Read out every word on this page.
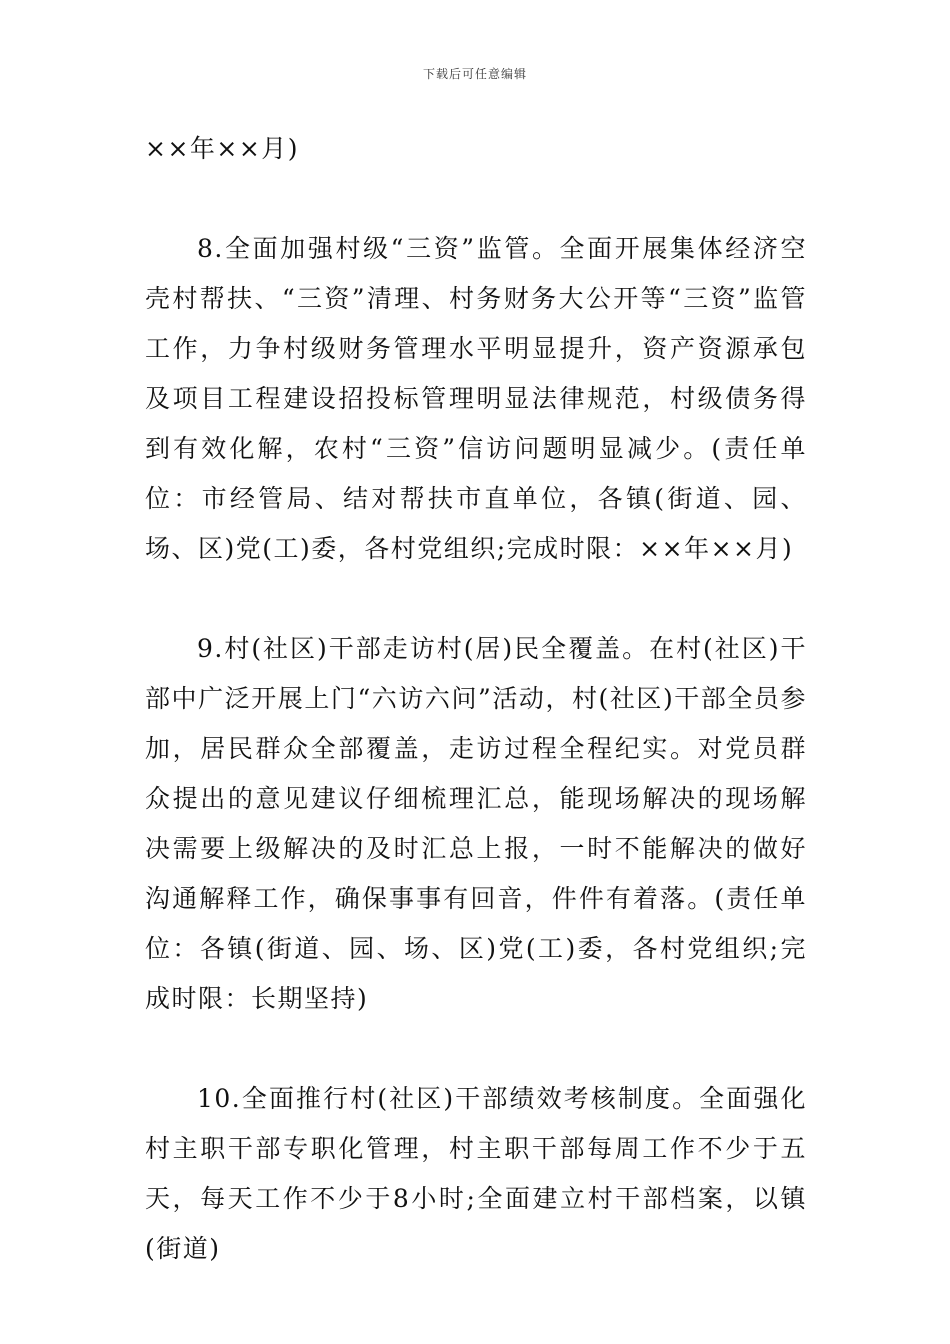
下载后可任意编辑

××年××月)

8.全面加强村级“三资”监管。全面开展集体经济空壳村帮扶、“三资”清理、村务财务大公开等“三资”监管工作，力争村级财务管理水平明显提升，资产资源承包及项目工程建设招投标管理明显法律规范，村级债务得到有效化解，农村“三资”信访问题明显减少。(责任单位：市经管局、结对帮扶市直单位，各镇(街道、园、场、区)党(工)委，各村党组织;完成时限：××年××月)

9.村(社区)干部走访村(居)民全覆盖。在村(社区)干部中广泛开展上门“六访六问”活动，村(社区)干部全员参加，居民群众全部覆盖，走访过程全程纪实。对党员群众提出的意见建议仔细梳理汇总，能现场解决的现场解决需要上级解决的及时汇总上报，一时不能解决的做好沟通解释工作，确保事事有回音，件件有着落。(责任单位：各镇(街道、园、场、区)党(工)委，各村党组织;完成时限：长期坚持)

10.全面推行村(社区)干部绩效考核制度。全面强化村主职干部专职化管理，村主职干部每周工作不少于五天，每天工作不少于8小时;全面建立村干部档案，以镇(街道)
